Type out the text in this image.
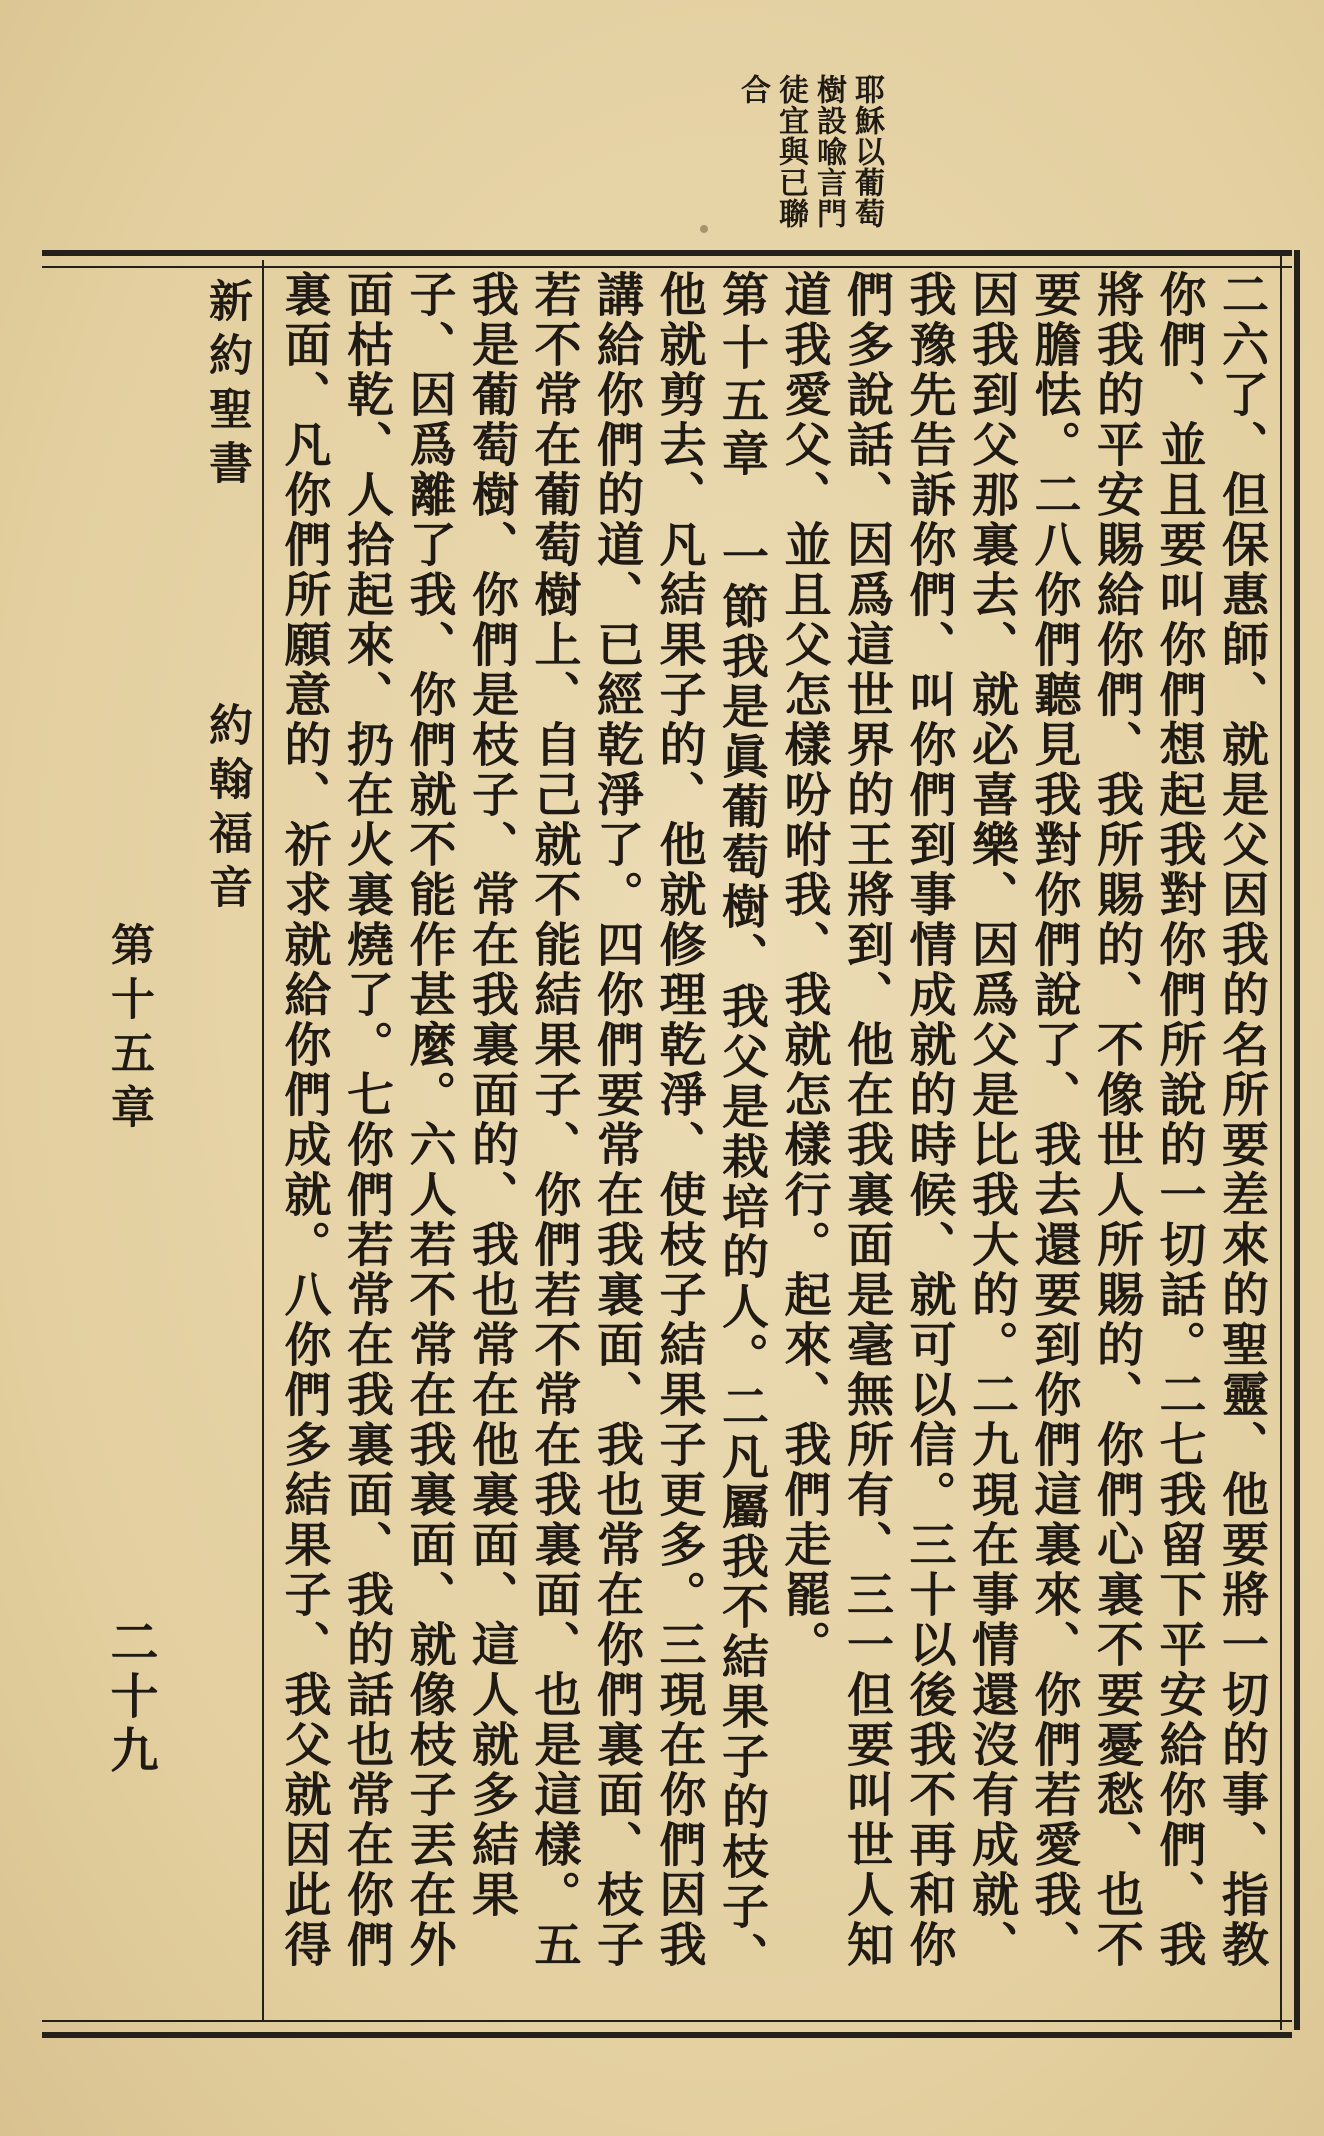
耶穌以葡萄
樹設喩言門
徒宜與已聯
合
新約聖書
約翰福音
第十五章
二十九	二六了、但保惠師、就是父因我的名所要差來的聖靈、他要將一切的事、指教你們、並且要叫你們想起我對你們所說的一切話。二七我留下平安給你們、我將我的平安賜給你們、我所賜的、不像世人所賜的、你們心裏不要憂愁、也不要膽怯。二八你們聽見我對你們說了、我去還要到你們這裏來、你們若愛我、因我到父那裏去、就必喜樂、因爲父是比我大的。二九現在事情還沒有成就、我豫先告訴你們、叫你們到事情成就的時候、就可以信。三十以後我不再和你們多說話、因爲這世界的王將到、他在我裏面是毫無所有、三一但要叫世人知道我愛父、並且父怎樣吩咐我、我就怎樣行。起來、我們走罷。
第十五章　一節我是眞葡萄樹、我父是栽培的人。二凡屬我不結果子的枝子、他就剪去、凡結果子的、他就修理乾淨、使枝子結果子更多。三現在你們因我講給你們的道、已經乾淨了。四你們要常在我裏面、我也常在你們裏面、枝子若不常在葡萄樹上、自己就不能結果子、你們若不常在我裏面、也是這樣。五我是葡萄樹、你們是枝子、常在我裏面的、我也常在他裏面、這人就多結果子、因爲離了我、你們就不能作甚麼。六人若不常在我裏面、就像枝子丟在外面枯乾、人拾起來、扔在火裏燒了。七你們若常在我裏面、我的話也常在你們裏面、凡你們所願意的、祈求就給你們成就。八你們多結果子、我父就因此得
